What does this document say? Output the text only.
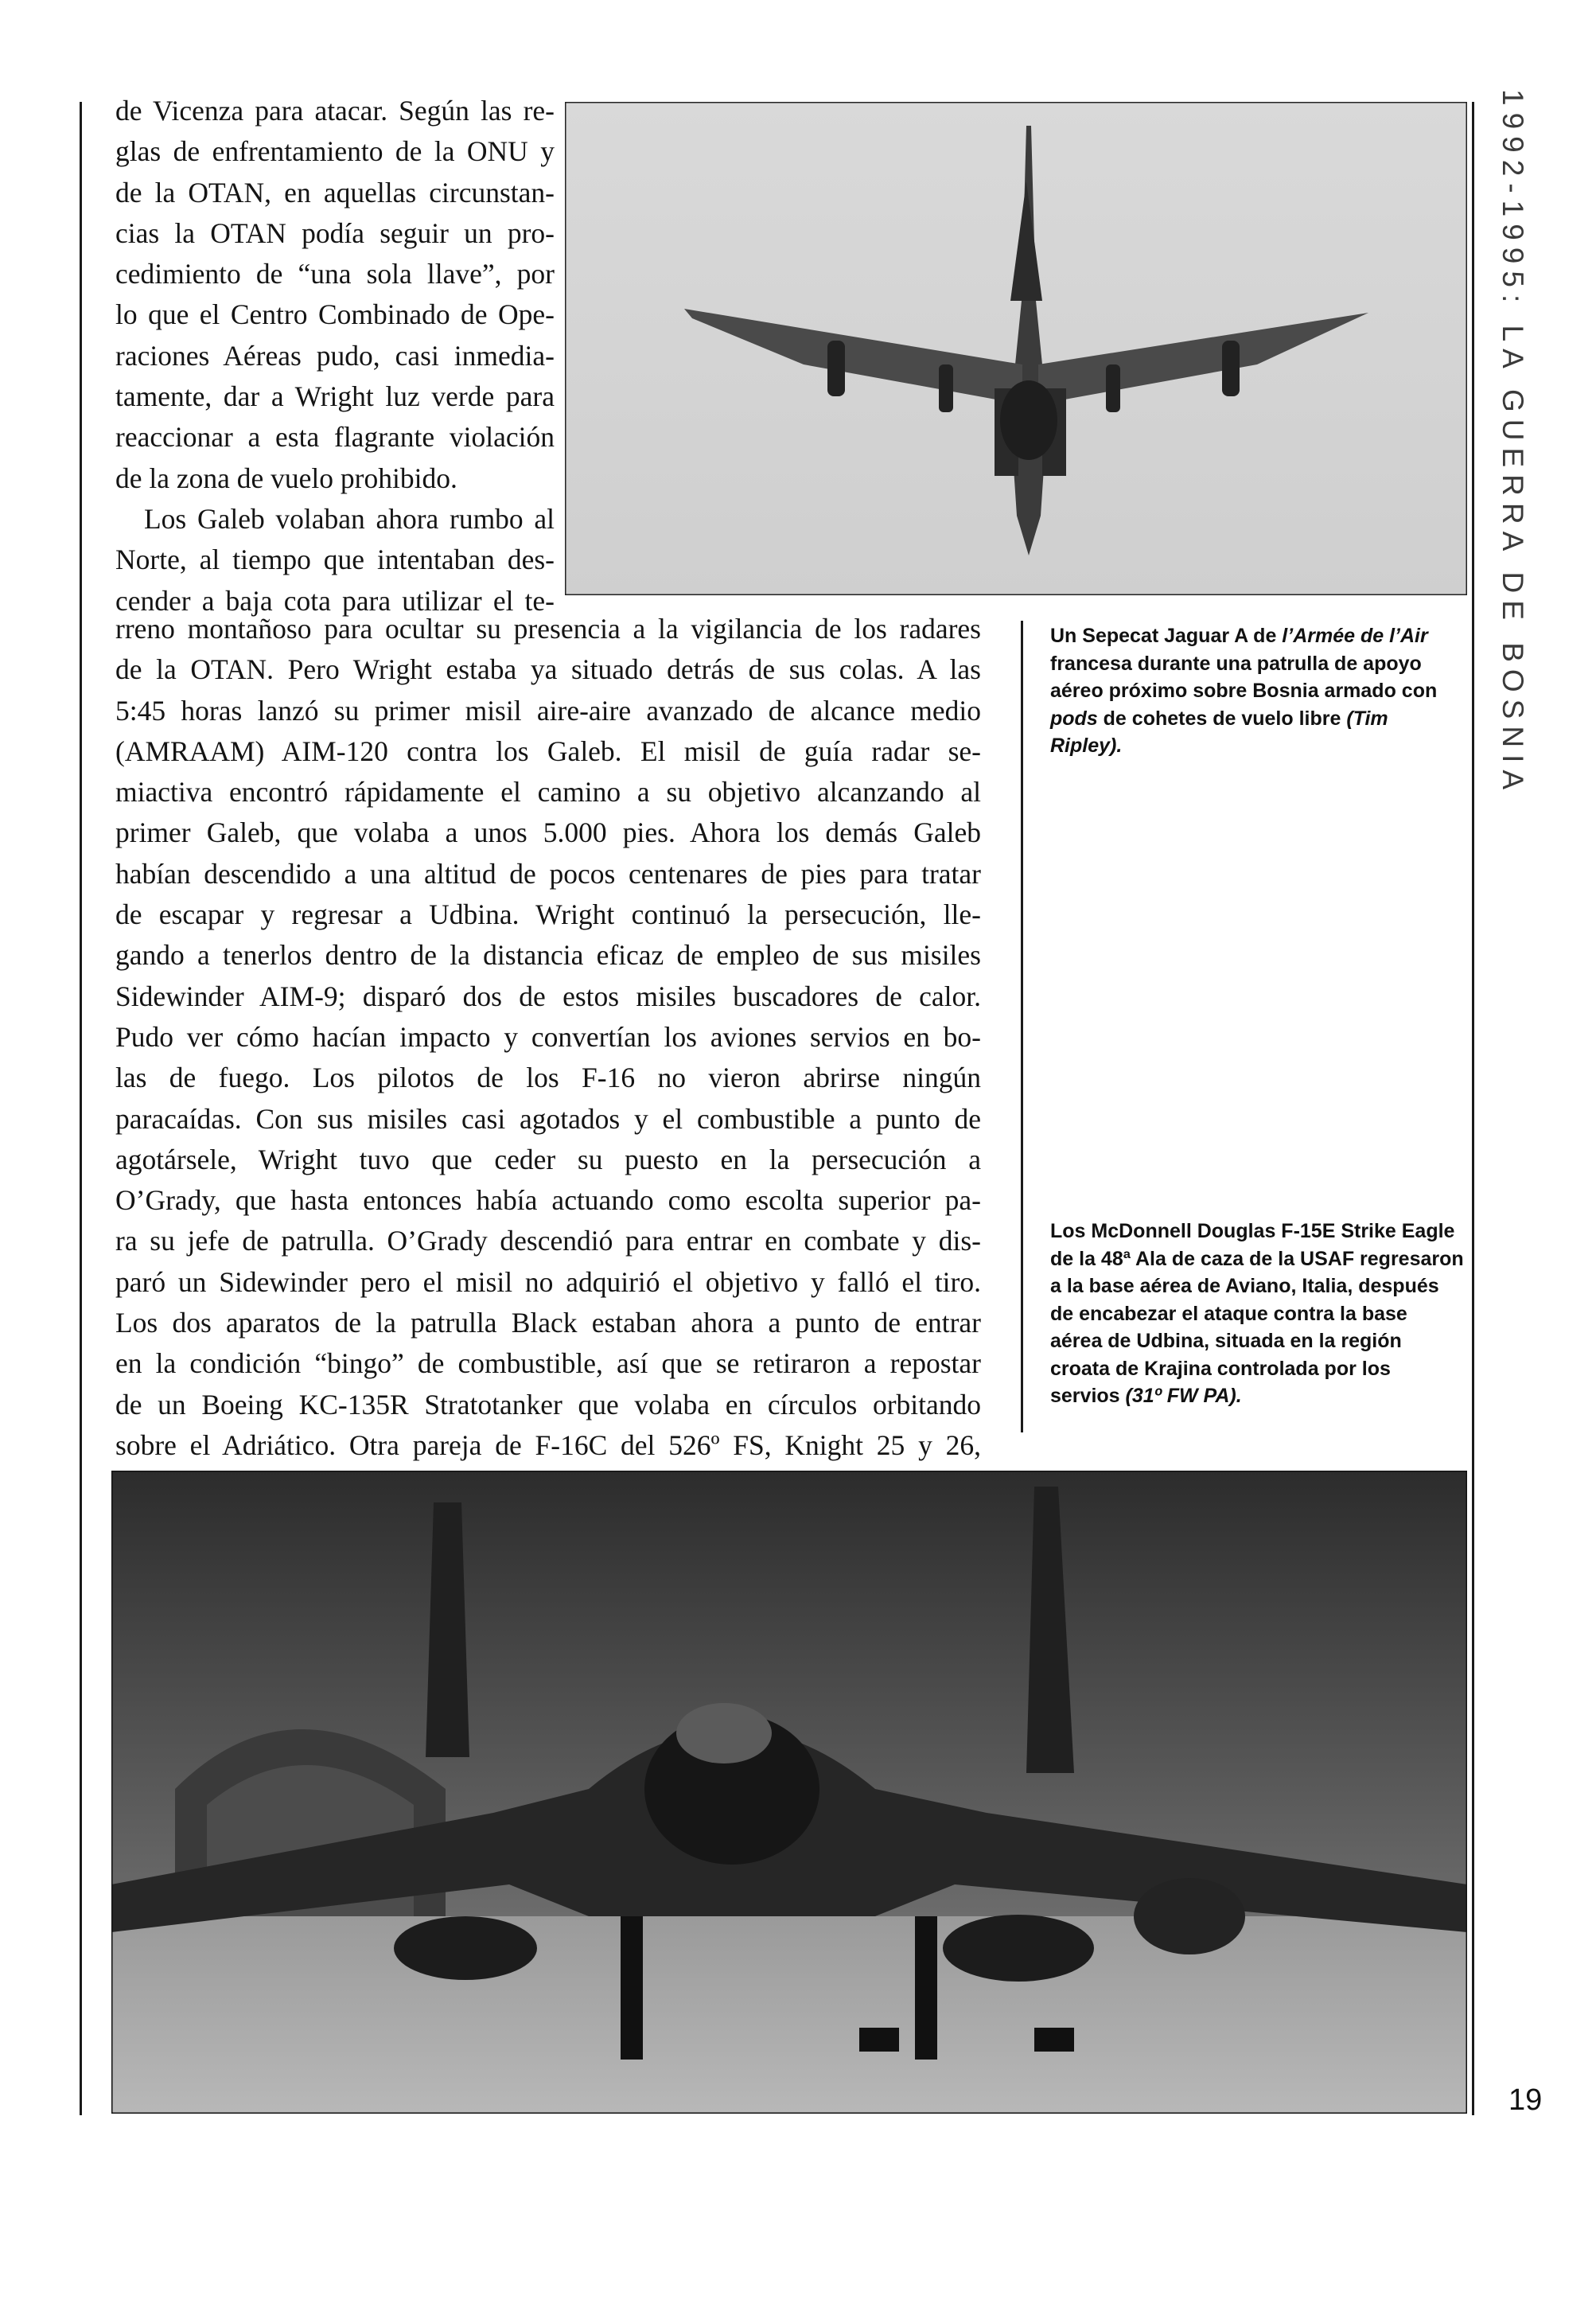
de Vicenza para atacar. Según las re-
glas de enfrentamiento de la ONU y
de la OTAN, en aquellas circunstan-
cias la OTAN podía seguir un pro-
cedimiento de “una sola llave”, por
lo que el Centro Combinado de Ope-
raciones Aéreas pudo, casi inmedia-
tamente, dar a Wright luz verde para
reaccionar a esta flagrante violación
de la zona de vuelo prohibido.

Los Galeb volaban ahora rumbo al
Norte, al tiempo que intentaban des-
cender a baja cota para utilizar el te-
rreno montañoso para ocultar su presencia a la vigilancia de los radares
de la OTAN. Pero Wright estaba ya situado detrás de sus colas. A las
5:45 horas lanzó su primer misil aire-aire avanzado de alcance medio
(AMRAAM) AIM-120 contra los Galeb. El misil de guía radar se-
miactiva encontró rápidamente el camino a su objetivo alcanzando al
primer Galeb, que volaba a unos 5.000 pies. Ahora los demás Galeb
habían descendido a una altitud de pocos centenares de pies para tratar
de escapar y regresar a Udbina. Wright continuó la persecución, lle-
gando a tenerlos dentro de la distancia eficaz de empleo de sus misiles
Sidewinder AIM-9; disparó dos de estos misiles buscadores de calor.
Pudo ver cómo hacían impacto y convertían los aviones servios en bo-
las de fuego. Los pilotos de los F-16 no vieron abrirse ningún
paracaídas. Con sus misiles casi agotados y el combustible a punto de
agotársele, Wright tuvo que ceder su puesto en la persecución a
O’Grady, que hasta entonces había actuando como escolta superior pa-
ra su jefe de patrulla. O’Grady descendió para entrar en combate y dis-
paró un Sidewinder pero el misil no adquirió el objetivo y falló el tiro.
Los dos aparatos de la patrulla Black estaban ahora a punto de entrar
en la condición “bingo” de combustible, así que se retiraron a repostar
de un Boeing KC-135R Stratotanker que volaba en círculos orbitando
sobre el Adriático. Otra pareja de F-16C del 526º FS, Knight 25 y 26,
Un Sepecat Jaguar A de l’Armée de l’Air francesa durante una patrulla de apoyo aéreo próximo sobre Bosnia armado con pods de cohetes de vuelo libre (Tim Ripley).
Los McDonnell Douglas F-15E Strike Eagle de la 48ª Ala de caza de la USAF regresaron a la base aérea de Aviano, Italia, después de encabezar el ataque contra la base aérea de Udbina, situada en la región croata de Krajina controlada por los servios (31º FW PA).
1992-1995: LA GUERRA DE BOSNIA
19
